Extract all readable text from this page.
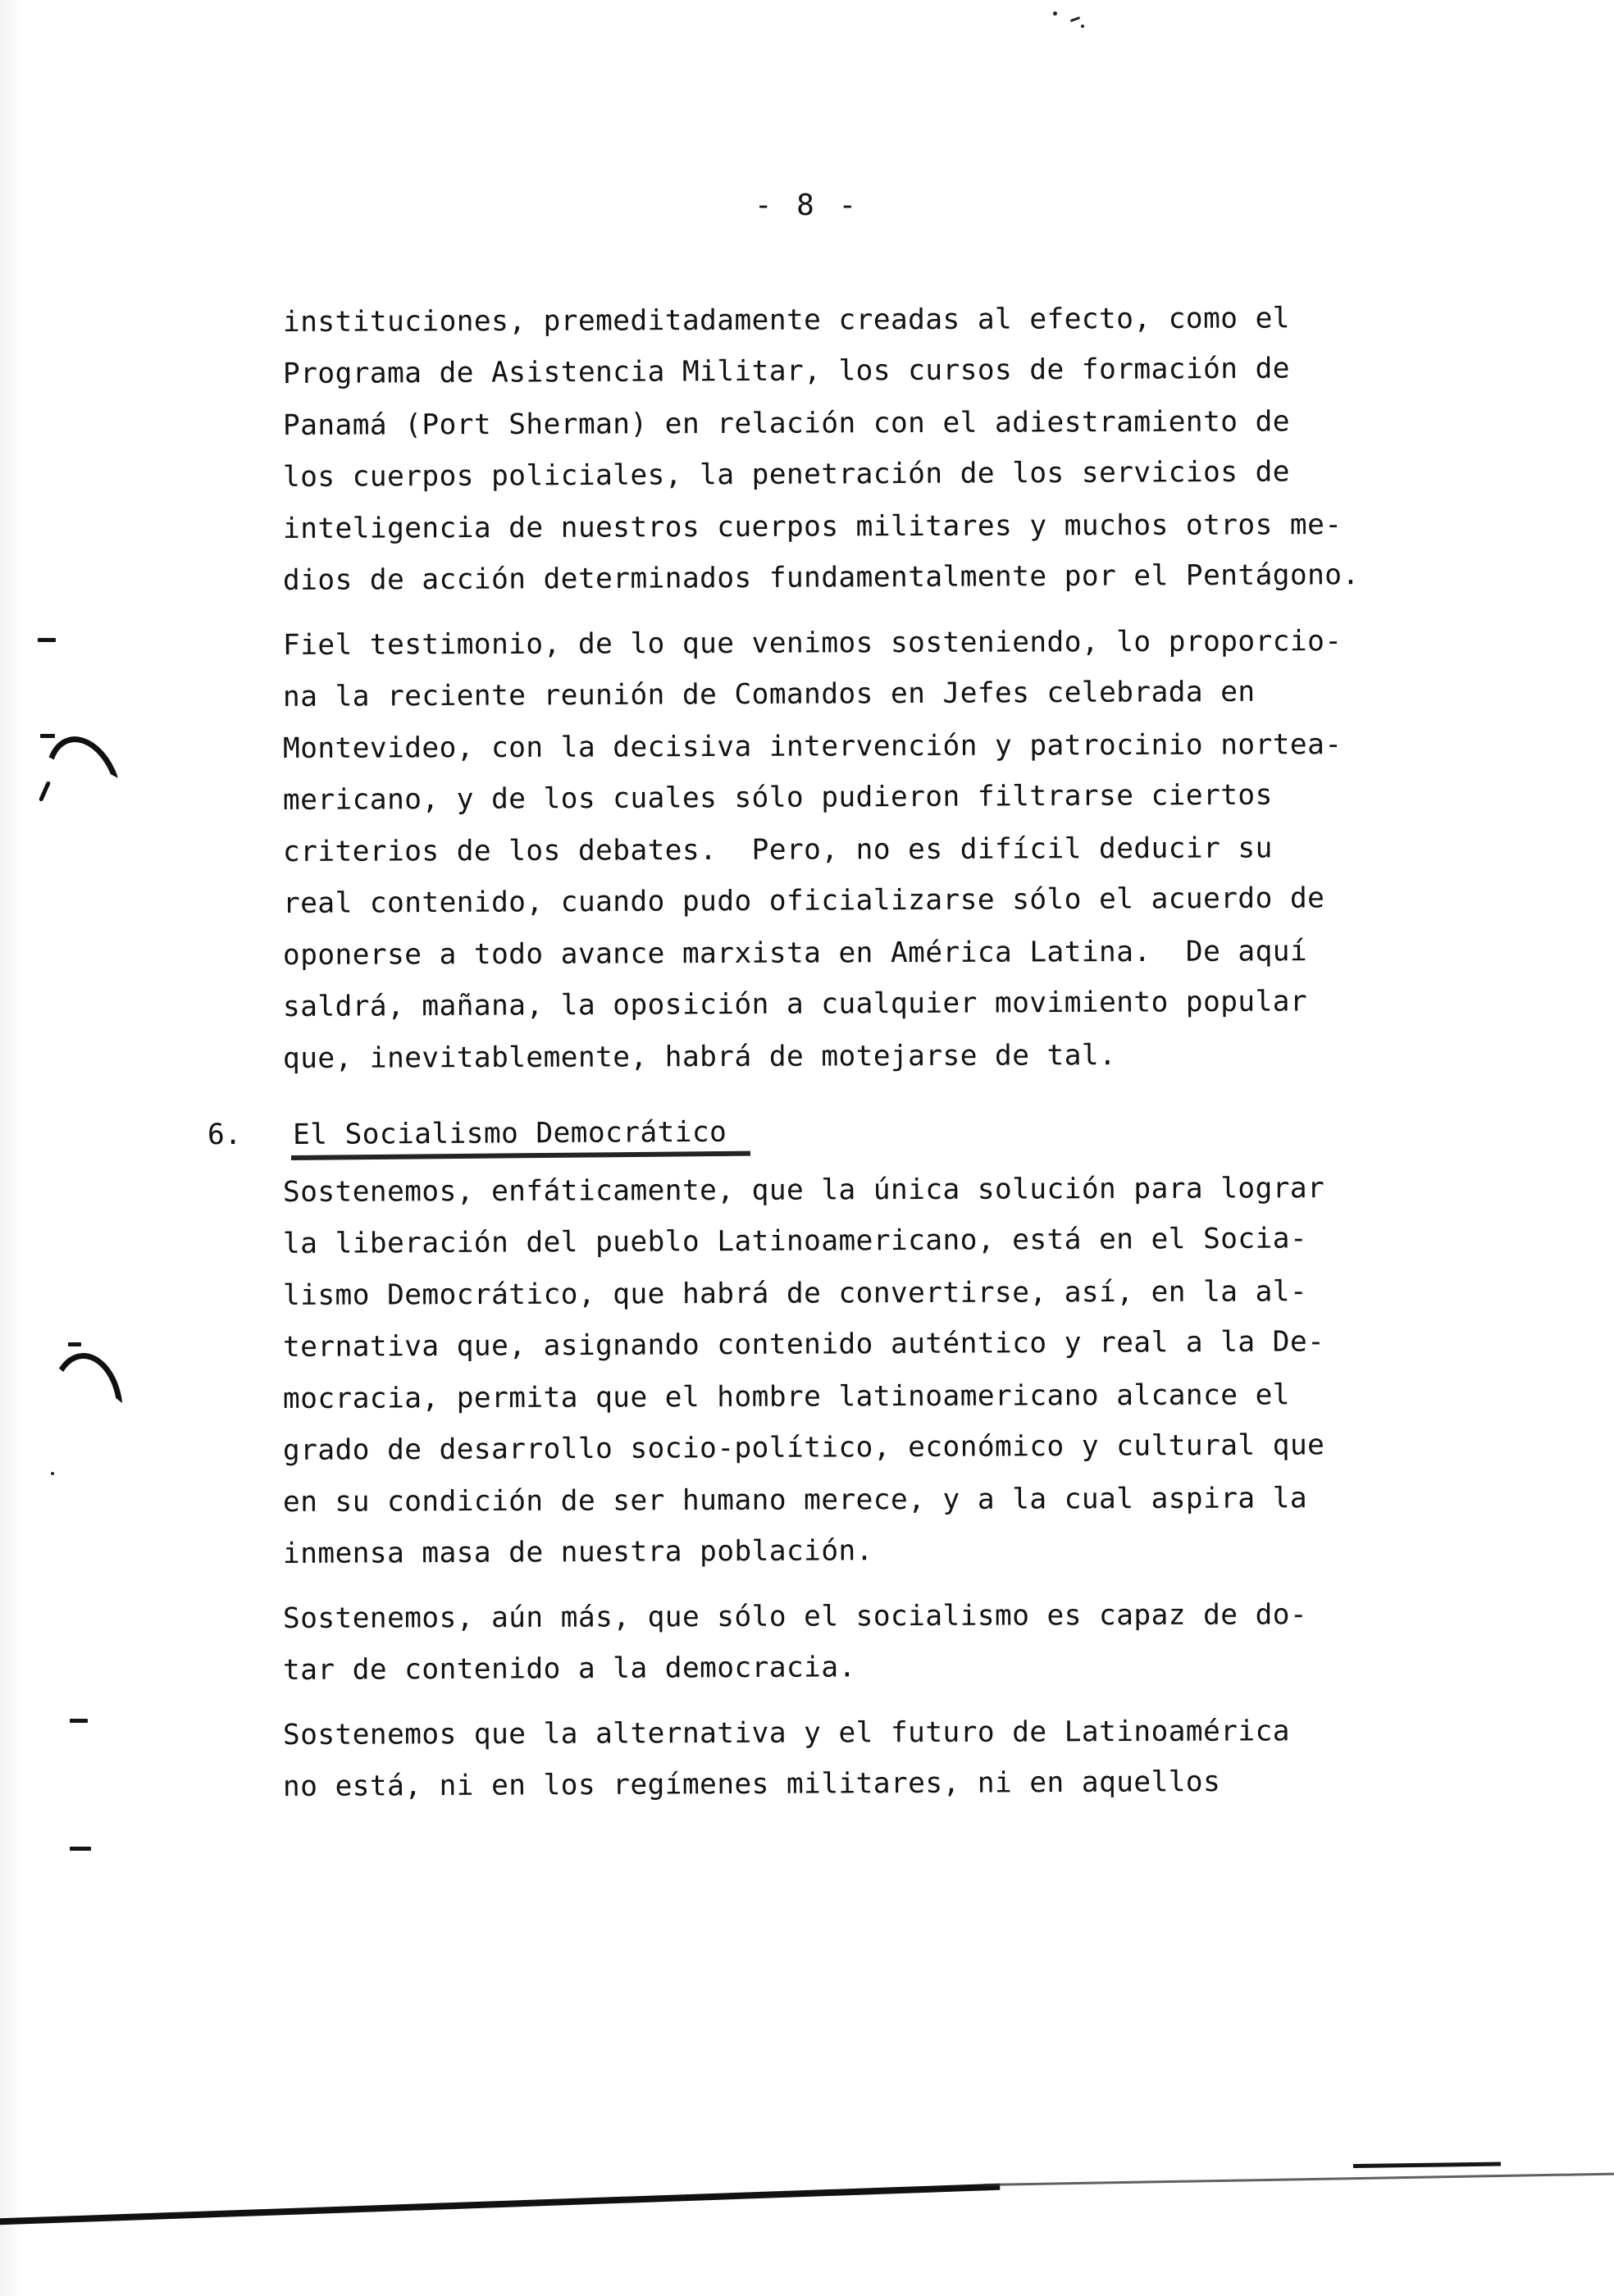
- 8 -

instituciones, premeditadamente creadas al efecto, como el
Programa de Asistencia Militar, los cursos de formación de
Panamá (Port Sherman) en relación con el adiestramiento de
los cuerpos policiales, la penetración de los servicios de
inteligencia de nuestros cuerpos militares y muchos otros me-
dios de acción determinados fundamentalmente por el Pentágono.

Fiel testimonio, de lo que venimos sosteniendo, lo proporcio-
na la reciente reunión de Comandos en Jefes celebrada en
Montevideo, con la decisiva intervención y patrocinio nortea-
mericano, y de los cuales sólo pudieron filtrarse ciertos
criterios de los debates.  Pero, no es difícil deducir su
real contenido, cuando pudo oficializarse sólo el acuerdo de
oponerse a todo avance marxista en América Latina.  De aquí
saldrá, mañana, la oposición a cualquier movimiento popular
que, inevitablemente, habrá de motejarse de tal.

6. El Socialismo Democrático

Sostenemos, enfáticamente, que la única solución para lograr
la liberación del pueblo Latinoamericano, está en el Socia-
lismo Democrático, que habrá de convertirse, así, en la al-
ternativa que, asignando contenido auténtico y real a la De-
mocracia, permita que el hombre latinoamericano alcance el
grado de desarrollo socio-político, económico y cultural que
en su condición de ser humano merece, y a la cual aspira la
inmensa masa de nuestra población.

Sostenemos, aún más, que sólo el socialismo es capaz de do-
tar de contenido a la democracia.

Sostenemos que la alternativa y el futuro de Latinoamérica
no está, ni en los regímenes militares, ni en aquellos
